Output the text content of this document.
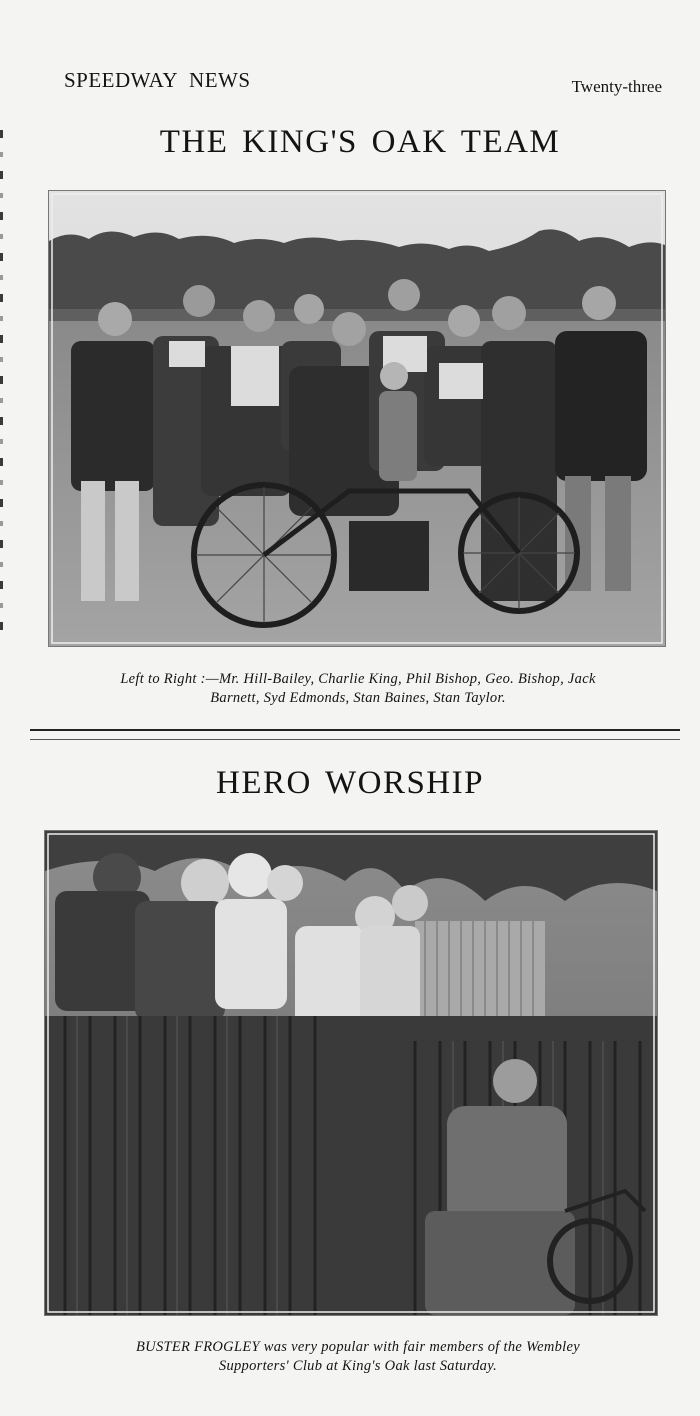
SPEEDWAY NEWS	Twenty-three
THE KING'S OAK TEAM

Left to Right :—Mr. Hill-Bailey, Charlie King, Phil Bishop, Geo. Bishop, Jack

Barnett, Syd Edmonds, Stan Baines, Stan Taylor.

HERO WORSHIP

BUSTER FROGLEY was very popular with fair members of the Wembley

Supporters' Club at King's Oak last Saturday.
